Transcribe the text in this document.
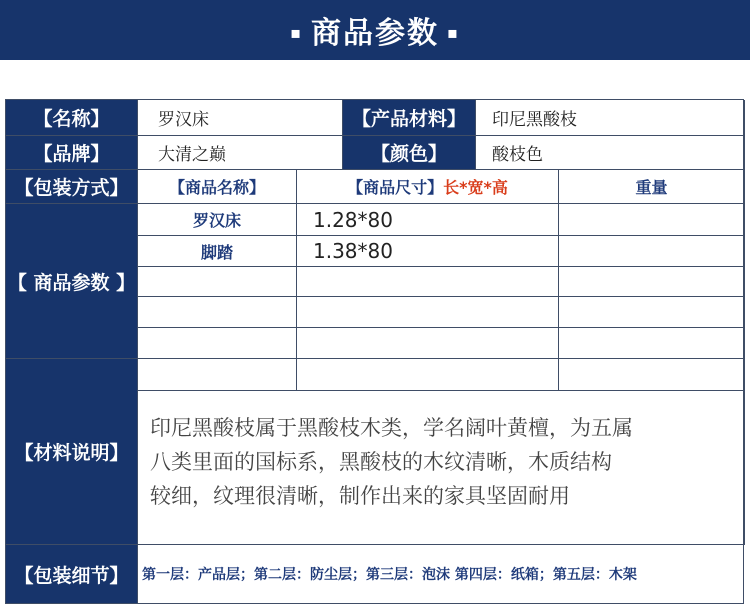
▪ 商品参数 ▪
【名称】	罗汉床	【产品材料】	印尼黑酸枝
【品牌】	大清之巅	【颜色】	酸枝色
【包装方式】	【商品名称】	【商品尺寸】 长*宽*高	重量
【 商品参数 】
罗汉床	1.28*80
脚踏	1.38*80
【材料说明】
印尼黑酸枝属于黑酸枝木类，学名阔叶黄檀，为五属
八类里面的国标系，黑酸枝的木纹清晰，木质结构
较细，纹理很清晰，制作出来的家具坚固耐用
【包装细节】 第一层：产品层；第二层：防尘层；第三层：泡沫 第四层：纸箱；第五层：木架
